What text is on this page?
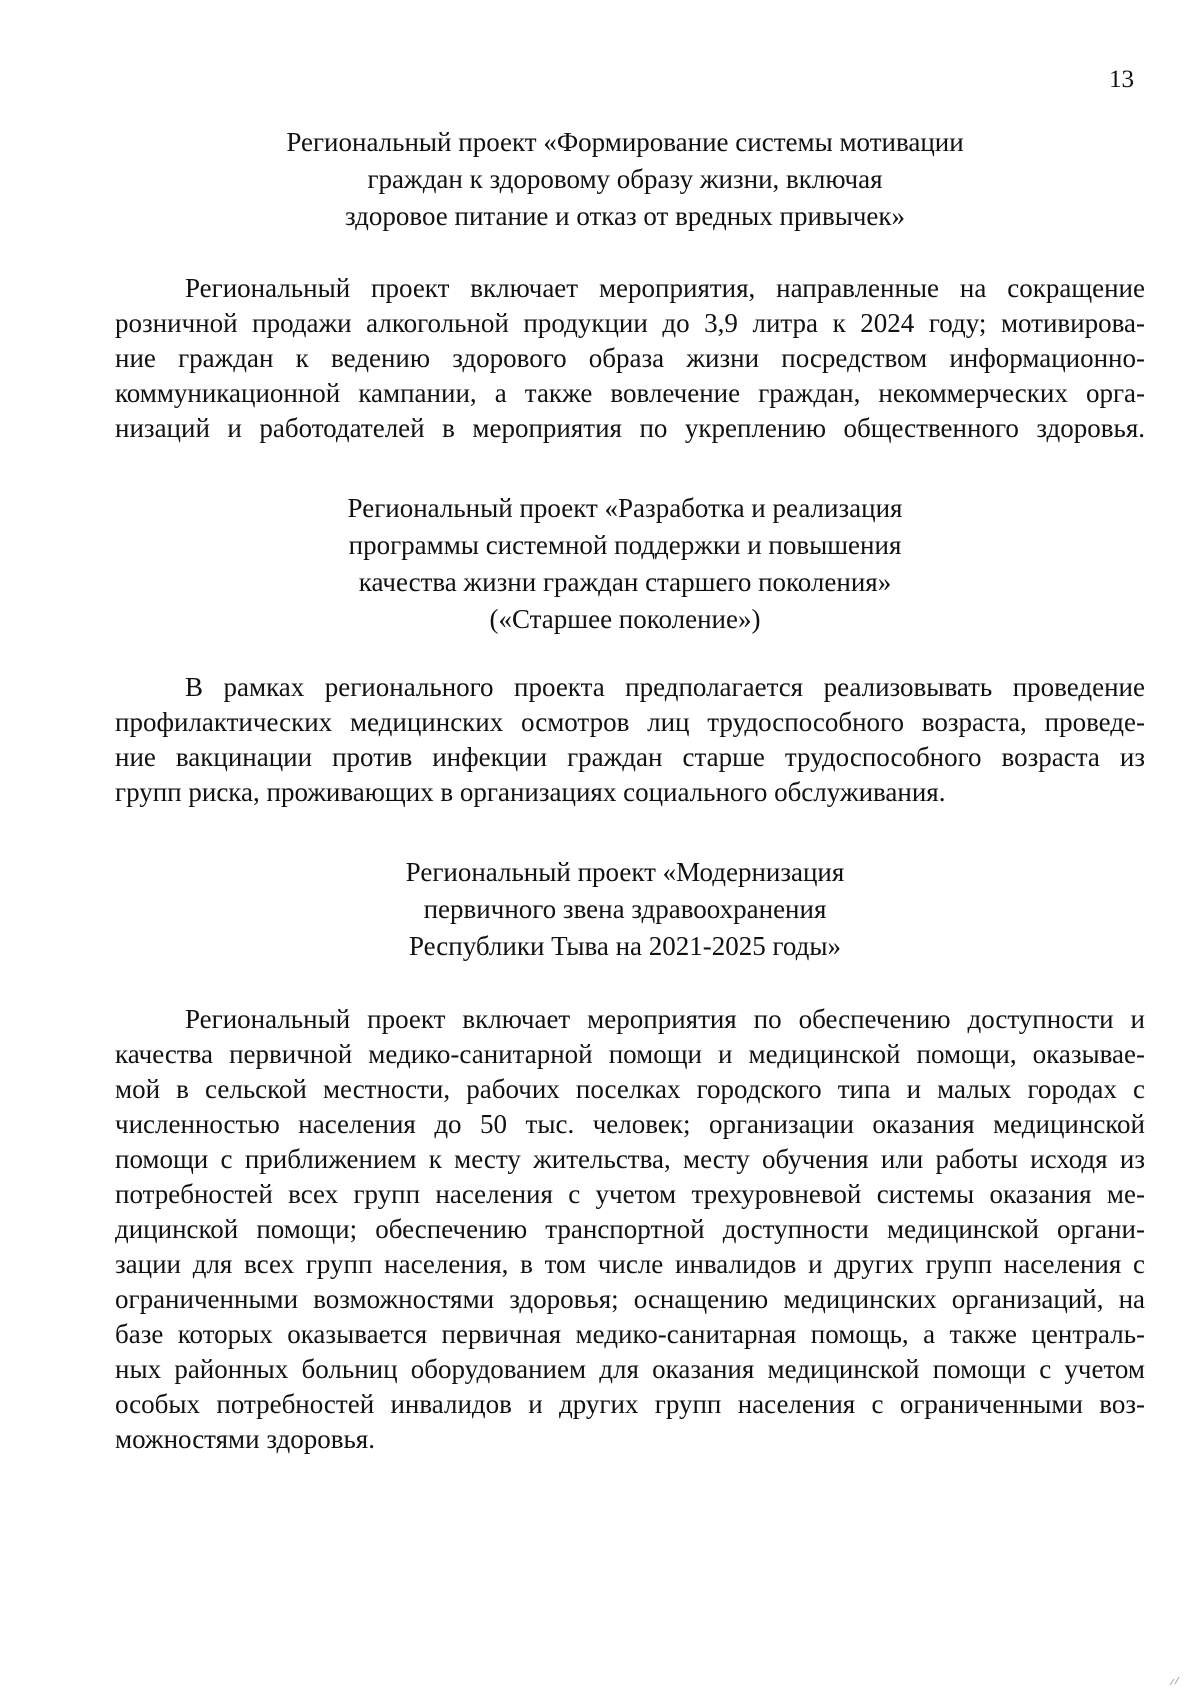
13
Региональный проект «Формирование системы мотивации
граждан к здоровому образу жизни, включая
здоровое питание и отказ от вредных привычек»
Региональный проект включает мероприятия, направленные на сокращение
розничной продажи алкогольной продукции до 3,9 литра к 2024 году; мотивирова-
ние граждан к ведению здорового образа жизни посредством информационно-
коммуникационной кампании, а также вовлечение граждан, некоммерческих орга-
низаций и работодателей в мероприятия по укреплению общественного здоровья.
Региональный проект «Разработка и реализация
программы системной поддержки и повышения
качества жизни граждан старшего поколения»
(«Старшее поколение»)
В рамках регионального проекта предполагается реализовывать проведение
профилактических медицинских осмотров лиц трудоспособного возраста, проведе-
ние вакцинации против инфекции граждан старше трудоспособного возраста из
групп риска, проживающих в организациях социального обслуживания.
Региональный проект «Модернизация
первичного звена здравоохранения
Республики Тыва на 2021-2025 годы»
Региональный проект включает мероприятия по обеспечению доступности и
качества первичной медико-санитарной помощи и медицинской помощи, оказывае-
мой в сельской местности, рабочих поселках городского типа и малых городах с
численностью населения до 50 тыс. человек; организации оказания медицинской
помощи с приближением к месту жительства, месту обучения или работы исходя из
потребностей всех групп населения с учетом трехуровневой системы оказания ме-
дицинской помощи; обеспечению транспортной доступности медицинской органи-
зации для всех групп населения, в том числе инвалидов и других групп населения с
ограниченными возможностями здоровья; оснащению медицинских организаций, на
базе которых оказывается первичная медико-санитарная помощь, а также централь-
ных районных больниц оборудованием для оказания медицинской помощи с учетом
особых потребностей инвалидов и других групп населения с ограниченными воз-
можностями здоровья.
